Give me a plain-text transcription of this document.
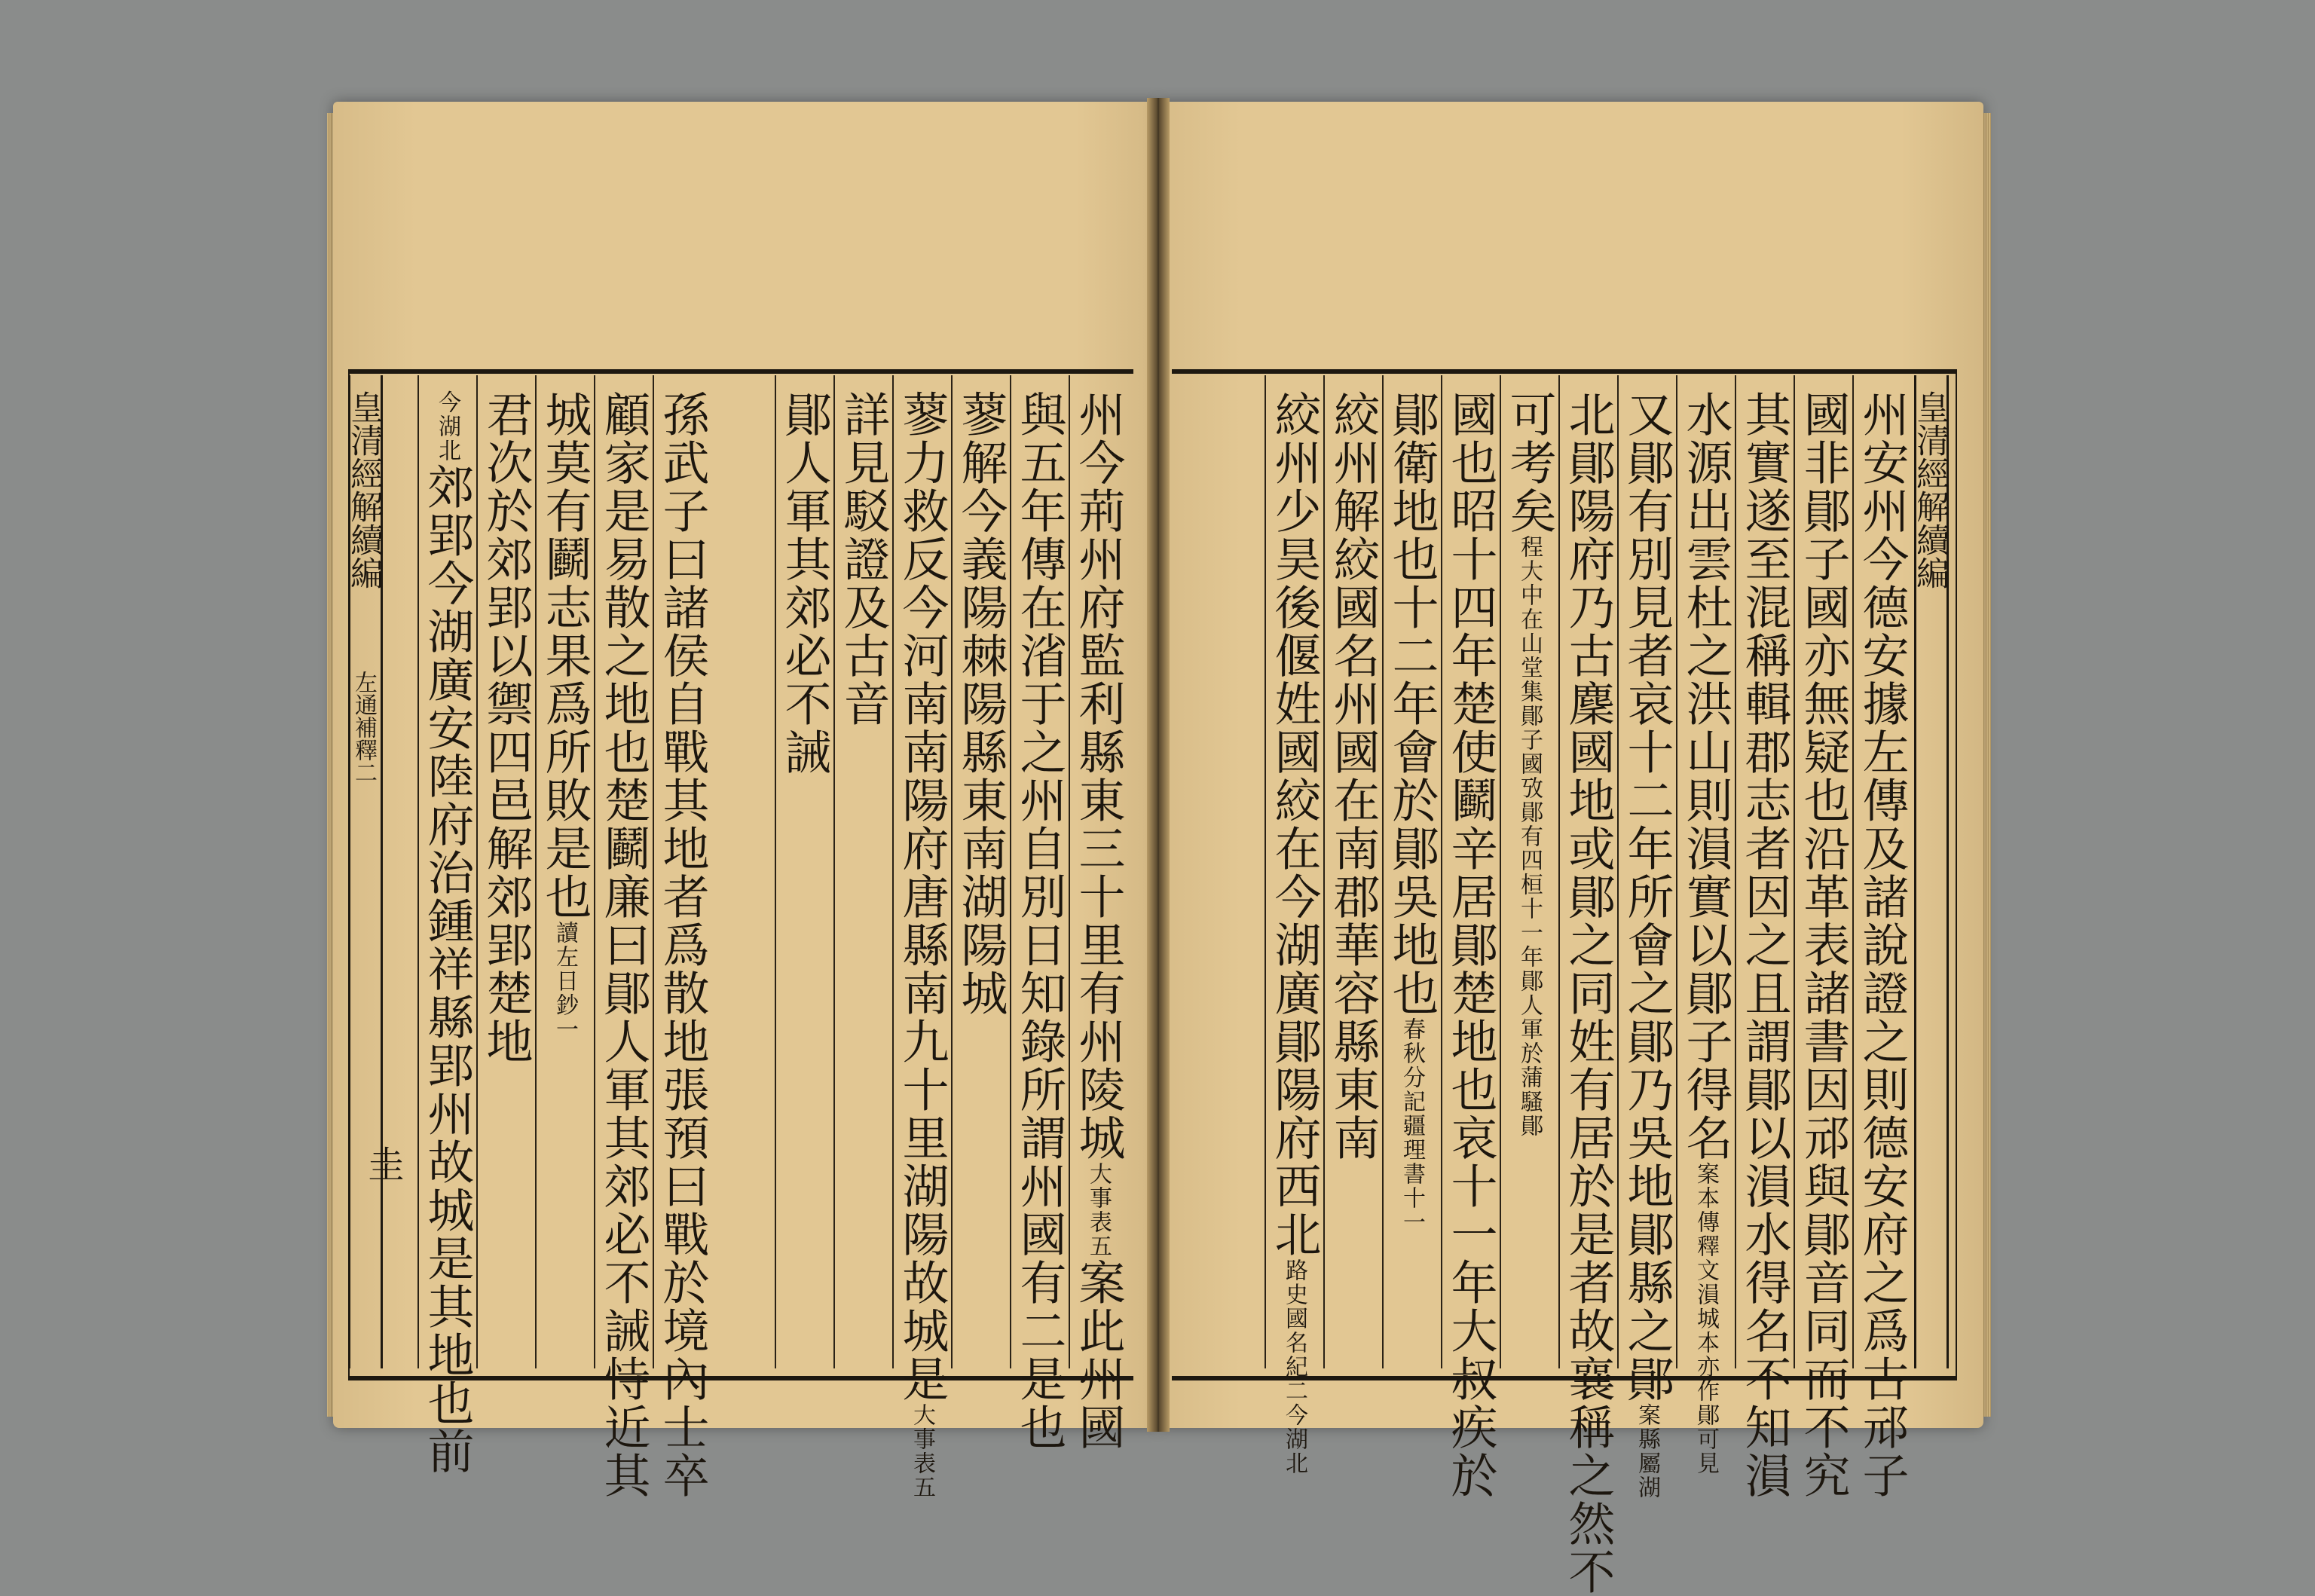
皇清經解續編  左通補釋二
圭
州今荊州府監利縣東三十里有州陵城大事表五案此州國
與五年傳在渻于之州自別日知錄所謂州國有二是也
蓼解今義陽棘陽縣東南湖陽城
蓼力救反今河南南陽府唐縣南九十里湖陽故城是大事表五
詳見駁證及古音
鄖人軍其郊必不誡
孫武子曰諸侯自戰其地者爲散地張預曰戰於境內士卒
顧家是易散之地也楚鬬廉曰鄖人軍其郊必不誡恃近其
城莫有鬬志果爲所敗是也讀左日鈔一
君次於郊郢以禦四邑解郊郢楚地
今湖北郊郢今湖廣安陸府治鍾祥縣郢州故城是其地也前	皇清經解續編
州安州今德安據左傳及諸說證之則德安府之爲古邧子
國非鄖子國亦無疑也沿革表諸書因邧與鄖音同而不究
其實遂至混稱輯郡志者因之且謂鄖以溳水得名不知溳
水源出雲杜之洪山則溳實以鄖子得名案本傳釋文溳城本亦作鄖可見
又鄖有別見者哀十二年所會之鄖乃吳地鄖縣之鄖案縣屬湖
北鄖陽府乃古麇國地或鄖之同姓有居於是者故襄稱之然不
可考矣程大中在山堂集鄖子國攷鄖有四桓十一年鄖人軍於蒲騷鄖
國也昭十四年楚使鬬辛居鄖楚地也哀十一年大叔疾於
鄖衛地也十二年會於鄖吳地也春秋分記疆理書十一
絞州解絞國名州國在南郡華容縣東南
絞州少昊後偃姓國絞在今湖廣鄖陽府西北路史國名紀二今湖北
